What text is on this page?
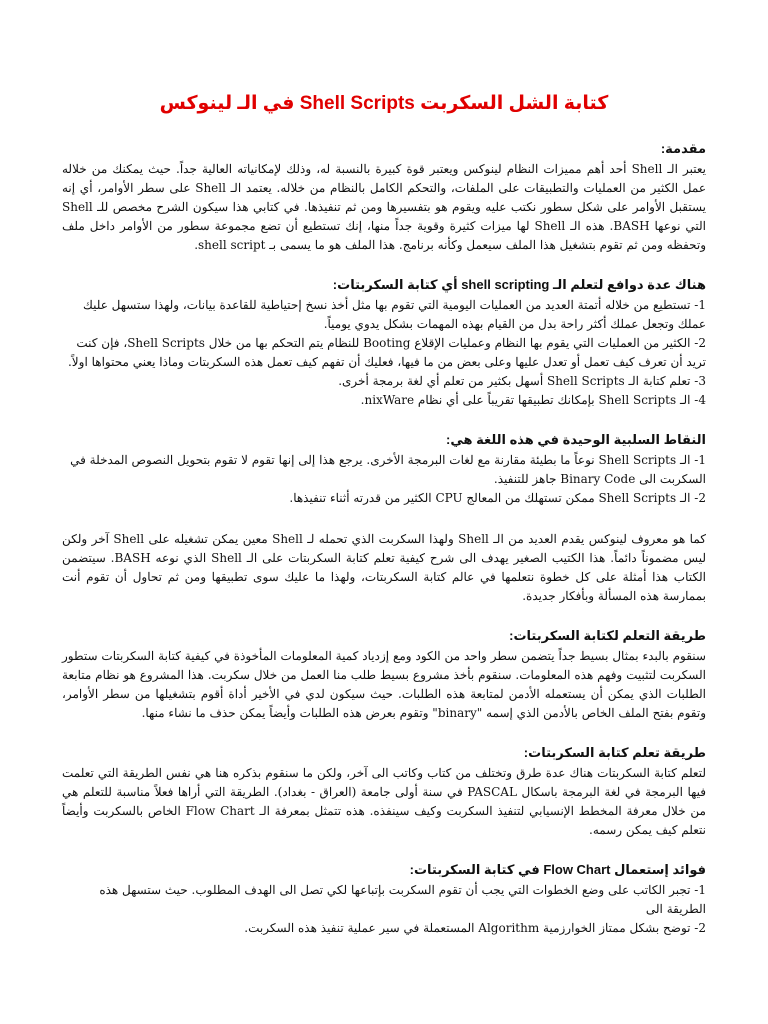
كتابة الشل السكربت Shell Scripts في الـ لينوكس

مقدمة:

يعتبر الـ Shell أحد أهم مميزات النظام لينوكس ويعتبر قوة كبيرة بالنسبة له، وذلك لإمكانياته العالية جداً. حيث يمكنك من خلاله عمل الكثير من العمليات والتطبيقات على الملفات، والتحكم الكامل بالنظام من خلاله. يعتمد الـ Shell على سطر الأوامر، أي إنه يستقبل الأوامر على شكل سطور نكتب عليه ويقوم هو بتفسيرها ومن ثم تنفيذها. في كتابي هذا سيكون الشرح مخصص للـ Shell التي نوعها BASH. هذه الـ Shell لها ميزات كثيرة وقوية جداً منها، إنك تستطيع أن تضع مجموعة سطور من الأوامر داخل ملف وتحفظه ومن ثم تقوم بتشغيل هذا الملف سيعمل وكأنه برنامج. هذا الملف هو ما يسمى بـ shell script.

هناك عدة دوافع لتعلم الـ shell scripting أي كتابة السكربتات:

1- تستطيع من خلاله أتمتة العديد من العمليات اليومية التي تقوم بها مثل أخذ نسخ إحتياطية للقاعدة بيانات، ولهذا ستسهل عليك عملك وتجعل عملك أكثر راحة بدل من القيام بهذه المهمات بشكل يدوي يومياً.

2- الكثير من العمليات التي يقوم بها النظام وعمليات الإقلاع Booting للنظام يتم التحكم بها من خلال Shell Scripts، فإن كنت تريد أن تعرف كيف تعمل أو تعدل عليها وعلى بعض من ما فيها، فعليك أن تفهم كيف تعمل هذه السكربتات وماذا يعني محتواها اولاً.

3- تعلم كتابة الـ Shell Scripts أسهل بكثير من تعلم أي لغة برمجة أخرى.

4- الـ Shell Scripts بإمكانك تطبيقها تقريباً على أي نظام nixWare.

النقاط السلبية الوحيدة في هذه اللغة هي:

1- الـ Shell Scripts نوعاً ما بطيئة مقارنة مع لغات البرمجة الأخرى. يرجع هذا إلى إنها تقوم لا تقوم بتحويل النصوص المدخلة في السكربت الى Binary Code جاهز للتنفيذ.

2- الـ Shell Scripts ممكن تستهلك من المعالج CPU الكثير من قدرته أثناء تنفيذها.

كما هو معروف لينوكس يقدم العديد من الـ Shell ولهذا السكربت الذي تحمله لـ Shell معين يمكن تشغيله على Shell آخر ولكن ليس مضموناً دائماً. هذا الكتيب الصغير يهدف الى شرح كيفية تعلم كتابة السكربتات على الـ Shell الذي نوعه BASH. سيتضمن الكتاب هذا أمثلة على كل خطوة نتعلمها في عالم كتابة السكربتات، ولهذا ما عليك سوى تطبيقها ومن ثم تحاول أن تقوم أنت بممارسة هذه المسألة وبأفكار جديدة.

طريقة التعلم لكتابة السكربتات:

سنقوم بالبدء بمثال بسيط جداً يتضمن سطر واحد من الكود ومع إزدياد كمية المعلومات المأخوذة في كيفية كتابة السكربتات ستطور السكربت لتثبيت وفهم هذه المعلومات. سنقوم بأخذ مشروع بسيط طلب منا العمل من خلال سكربت. هذا المشروع هو نظام متابعة الطلبات الذي يمكن أن يستعمله الأدمن لمتابعة هذه الطلبات. حيث سيكون لدي في الأخير أداة أقوم بتشغيلها من سطر الأوامر، وتقوم بفتح الملف الخاص بالأدمن الذي إسمه "binary" وتقوم بعرض هذه الطلبات وأيضاً يمكن حذف ما نشاء منها.

طريقة تعلم كتابة السكربتات:

لتعلم كتابة السكربتات هناك عدة طرق وتختلف من كتاب وكاتب الى آخر، ولكن ما سنقوم بذكره هنا هي نفس الطريقة التي تعلمت فيها البرمجة في لغة البرمجة باسكال PASCAL في سنة أولى جامعة (العراق - بغداد). الطريقة التي أراها فعلاً مناسبة للتعلم هي من خلال معرفة المخطط الإنسيابي لتنفيذ السكربت وكيف سينفذه. هذه تتمثل بمعرفة الـ Flow Chart الخاص بالسكربت وأيضاً نتعلم كيف يمكن رسمه.

فوائد إستعمال Flow Chart في كتابة السكربتات:

1- تجبر الكاتب على وضع الخطوات التي يجب أن تقوم السكربت بإتباعها لكي تصل الى الهدف المطلوب. حيث ستسهل هذه الطريقة الى

2- توضح بشكل ممتاز الخوارزمية Algorithm المستعملة في سير عملية تنفيذ هذه السكربت.
